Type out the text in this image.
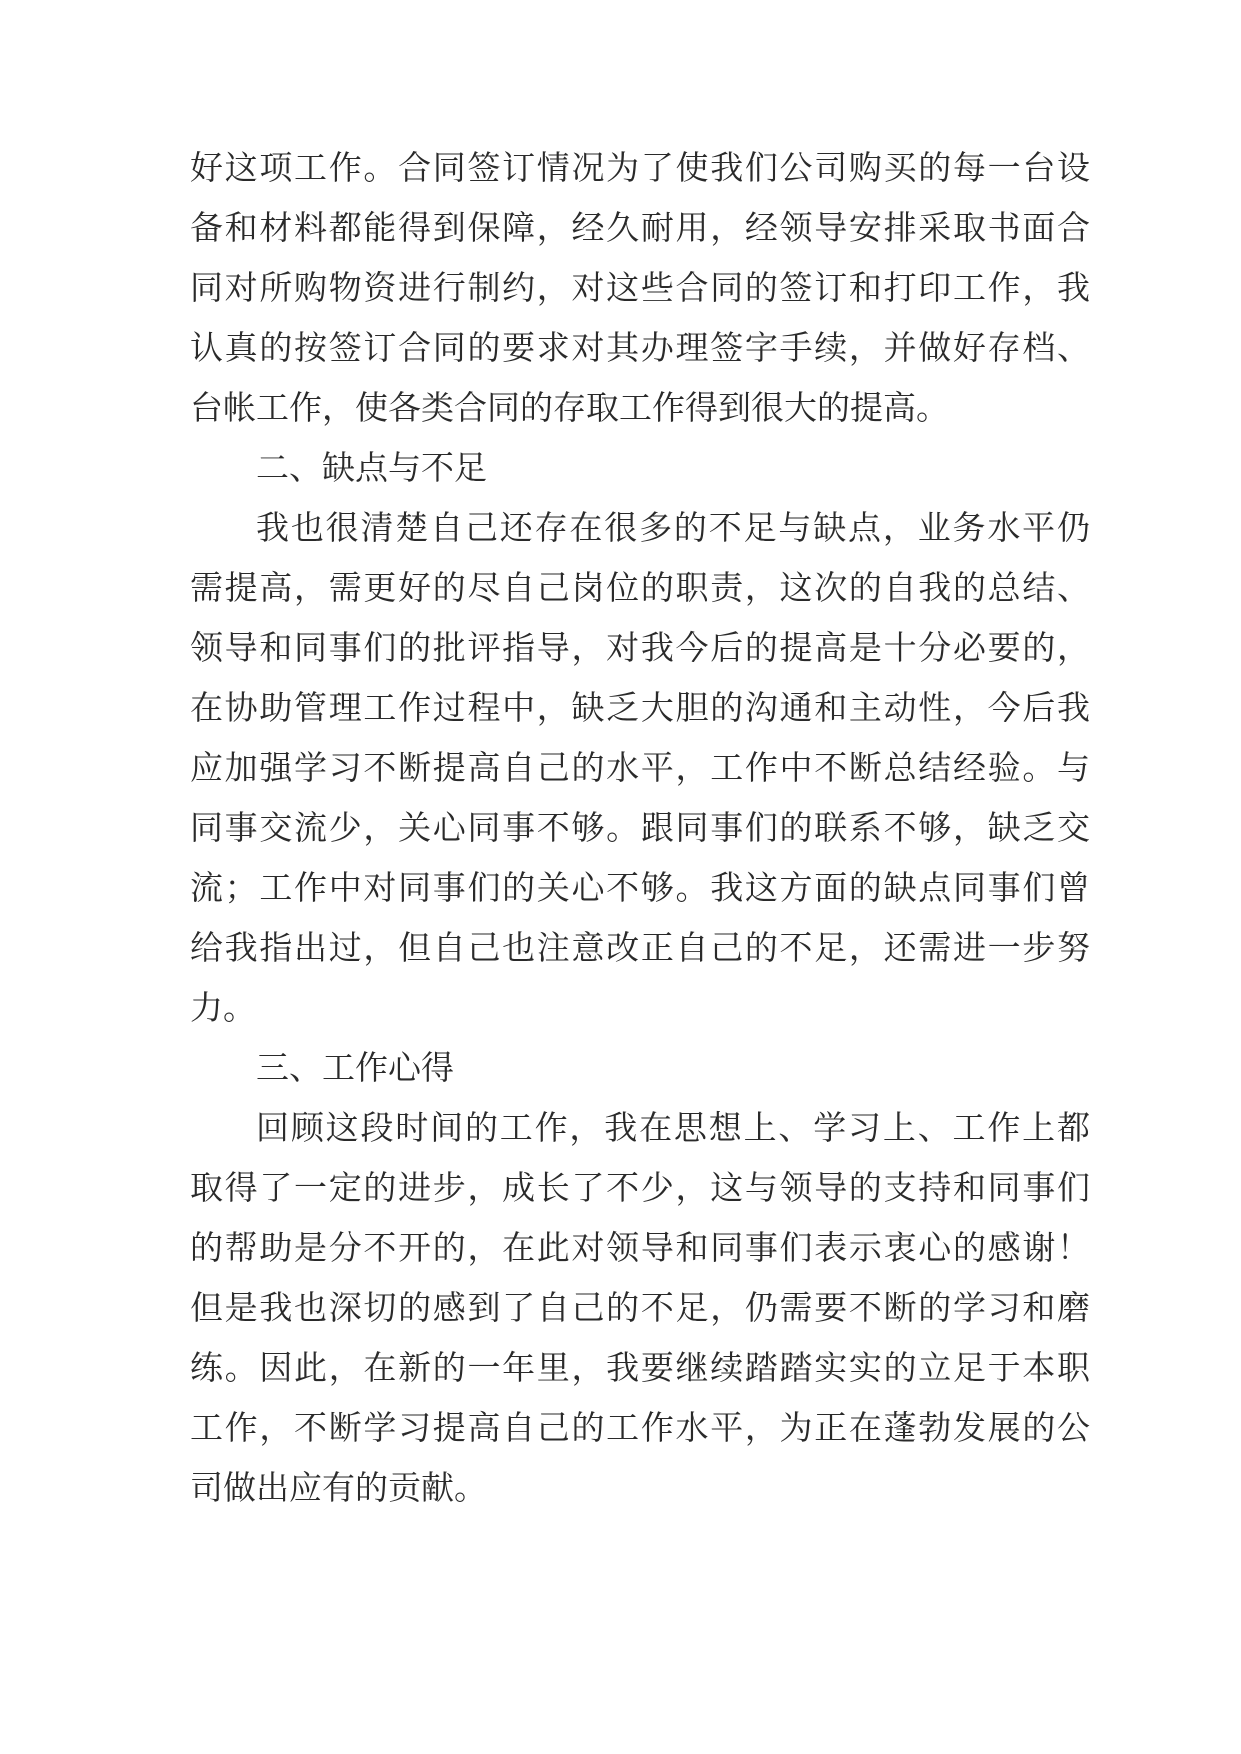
好这项工作。合同签订情况为了使我们公司购买的每一台设
备和材料都能得到保障，经久耐用，经领导安排采取书面合
同对所购物资进行制约，对这些合同的签订和打印工作，我
认真的按签订合同的要求对其办理签字手续，并做好存档、
台帐工作，使各类合同的存取工作得到很大的提高。
二、缺点与不足
我也很清楚自己还存在很多的不足与缺点，业务水平仍
需提高，需更好的尽自己岗位的职责，这次的自我的总结、
领导和同事们的批评指导，对我今后的提高是十分必要的，
在协助管理工作过程中，缺乏大胆的沟通和主动性，今后我
应加强学习不断提高自己的水平，工作中不断总结经验。与
同事交流少，关心同事不够。跟同事们的联系不够，缺乏交
流；工作中对同事们的关心不够。我这方面的缺点同事们曾
给我指出过，但自己也注意改正自己的不足，还需进一步努
力。
三、工作心得
回顾这段时间的工作，我在思想上、学习上、工作上都
取得了一定的进步，成长了不少，这与领导的支持和同事们
的帮助是分不开的，在此对领导和同事们表示衷心的感谢！
但是我也深切的感到了自己的不足，仍需要不断的学习和磨
练。因此，在新的一年里，我要继续踏踏实实的立足于本职
工作，不断学习提高自己的工作水平，为正在蓬勃发展的公
司做出应有的贡献。
